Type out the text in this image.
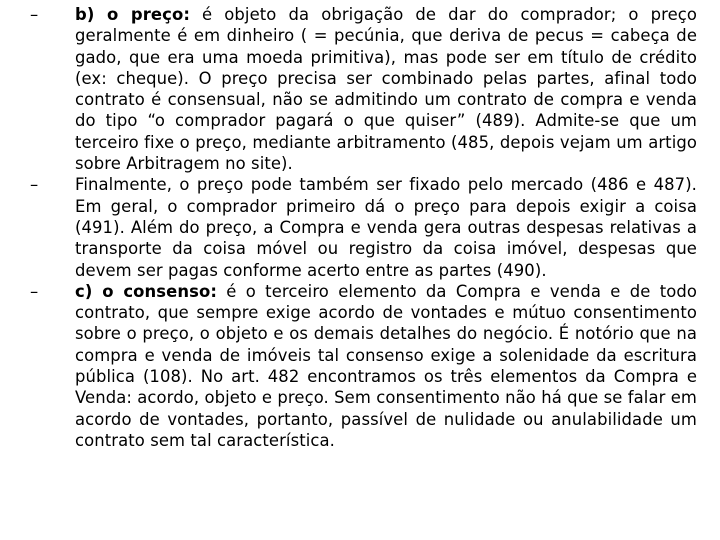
–	b) o preço: é objeto da obrigação de dar do comprador; o preço geralmente é em dinheiro ( = pecúnia, que deriva de pecus = cabeça de gado, que era uma moeda primitiva), mas pode ser em título de crédito (ex: cheque). O preço precisa ser combinado pelas partes, afinal todo contrato é consensual, não se admitindo um contrato de compra e venda do tipo “o comprador pagará o que quiser” (489). Admite-se que um terceiro fixe o preço, mediante arbitramento (485, depois vejam um artigo sobre Arbitragem no site).
–	Finalmente, o preço pode também ser fixado pelo mercado (486 e 487). Em geral, o comprador primeiro dá o preço para depois exigir a coisa (491). Além do preço, a Compra e venda gera outras despesas relativas a transporte da coisa móvel ou registro da coisa imóvel, despesas que devem ser pagas conforme acerto entre as partes (490).
–	c) o consenso: é o terceiro elemento da Compra e venda e de todo contrato, que sempre exige acordo de vontades e mútuo consentimento sobre o preço, o objeto e os demais detalhes do negócio. É notório que na compra e venda de imóveis tal consenso exige a solenidade da escritura pública (108). No art. 482 encontramos os três elementos da Compra e Venda: acordo, objeto e preço. Sem consentimento não há que se falar em acordo de vontades, portanto, passível de nulidade ou anulabilidade um contrato sem tal característica.
